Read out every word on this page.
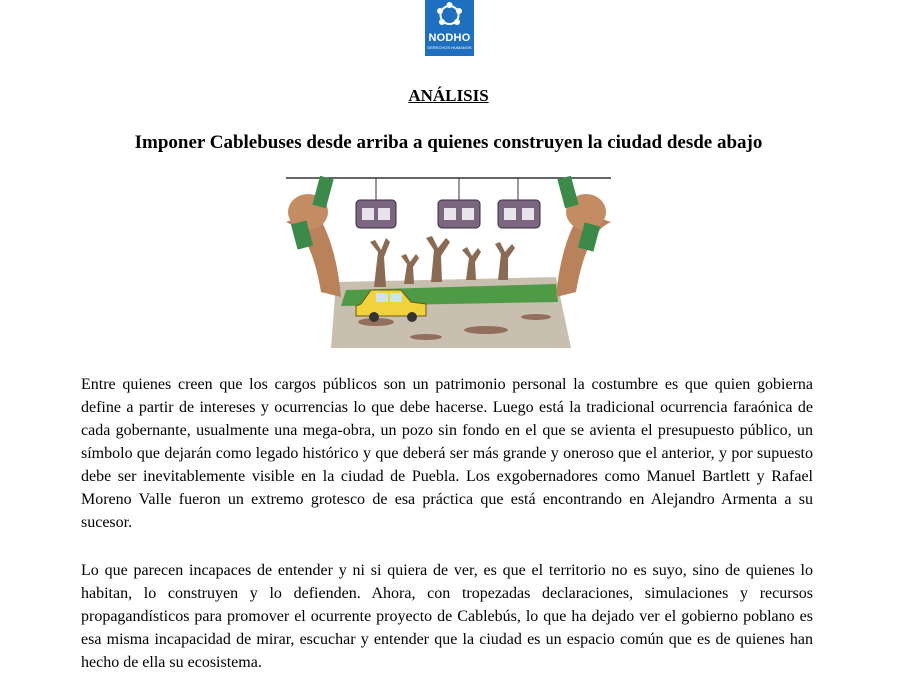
NODHO
DERECHOS HUMANOS
ANÁLISIS
Imponer Cablebuses desde arriba a quienes construyen la ciudad desde abajo

Entre quienes creen que los cargos públicos son un patrimonio personal la costumbre es que quien gobierna define a partir de intereses y ocurrencias lo que debe hacerse. Luego está la tradicional ocurrencia faraónica de cada gobernante, usualmente una mega-obra, un pozo sin fondo en el que se avienta el presupuesto público, un símbolo que dejarán como legado histórico y que deberá ser más grande y oneroso que el anterior, y por supuesto debe ser inevitablemente visible en la ciudad de Puebla. Los exgobernadores como Manuel Bartlett y Rafael Moreno Valle fueron un extremo grotesco de esa práctica que está encontrando en Alejandro Armenta a su sucesor.

Lo que parecen incapaces de entender y ni si quiera de ver, es que el territorio no es suyo, sino de quienes lo habitan, lo construyen y lo defienden. Ahora, con tropezadas declaraciones, simulaciones y recursos propagandísticos para promover el ocurrente proyecto de Cablebús, lo que ha dejado ver el gobierno poblano es esa misma incapacidad de mirar, escuchar y entender que la ciudad es un espacio común que es de quienes han hecho de ella su ecosistema.
